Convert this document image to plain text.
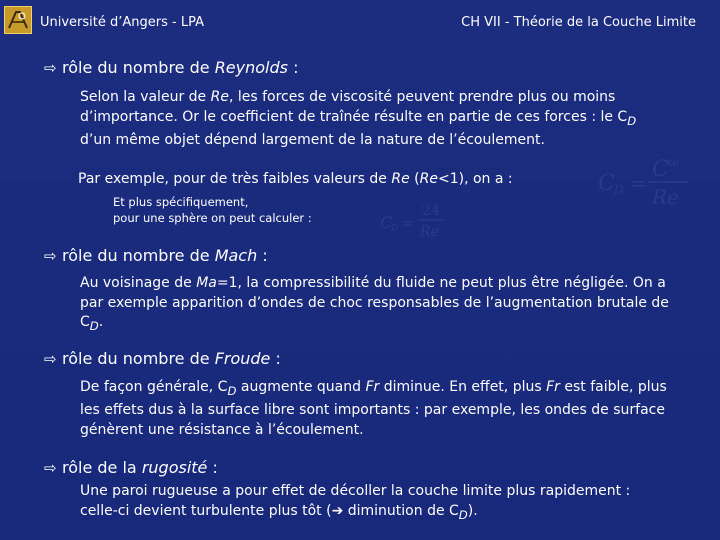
Université d’Angers - LPA	CH VII - Théorie de la Couche Limite
⇨ rôle du nombre de Reynolds :
Selon la valeur de Re, les forces de viscosité peuvent prendre plus ou moins d’importance. Or le coefficient de traînée résulte en partie de ces forces : le $C_D$ d’un même objet dépend largement de la nature de l’écoulement.
Par exemple, pour de très faibles valeurs de Re (Re<1), on a :	C D =
C te
Re
Et plus spécifiquement,
pour une sphère on peut calculer :	C
D =
24
Re
⇨ rôle du nombre de Mach :
Au voisinage de Ma=1, la compressibilité du fluide ne peut plus être négligée. On a par exemple apparition d’ondes de choc responsables de l’augmentation brutale de $C_D$.
⇨ rôle du nombre de Froude :
De façon générale, $C_D$ augmente quand Fr diminue. En effet, plus Fr est faible, plus les effets dus à la surface libre sont importants : par exemple, les ondes de surface génèrent une résistance à l’écoulement.
⇨ rôle de la rugosité :
Une paroi rugueuse a pour effet de décoller la couche limite plus rapidement : celle-ci devient turbulente plus tôt (➔ diminution de $C_D$).
